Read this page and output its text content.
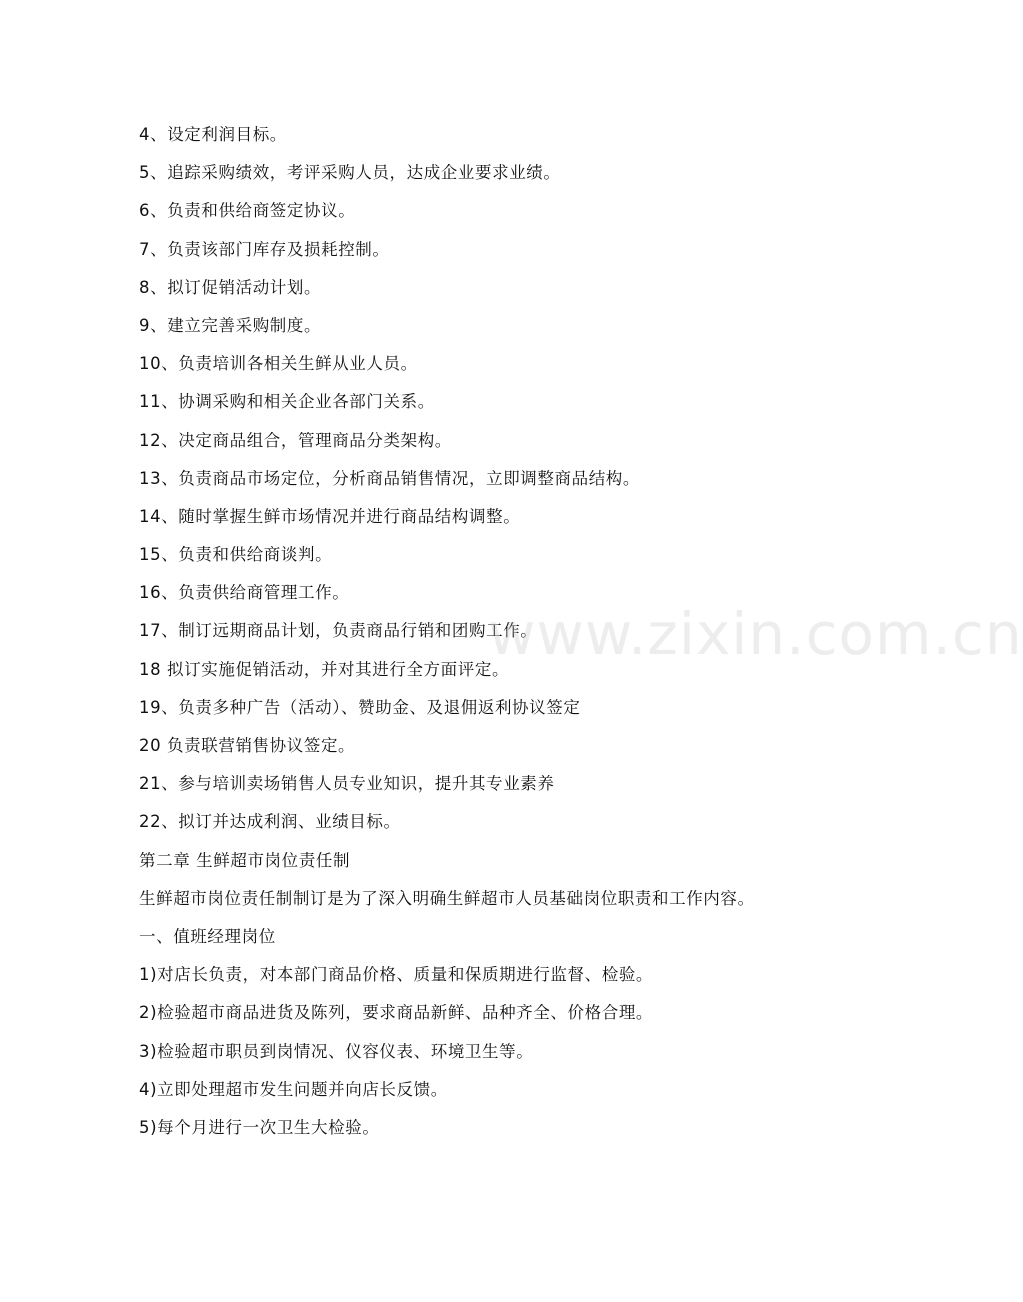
4、设定利润目标。
5、追踪采购绩效，考评采购人员，达成企业要求业绩。
6、负责和供给商签定协议。
7、负责该部门库存及损耗控制。
8、拟订促销活动计划。
9、建立完善采购制度。
10、负责培训各相关生鲜从业人员。
11、协调采购和相关企业各部门关系。
12、决定商品组合，管理商品分类架构。
13、负责商品市场定位，分析商品销售情况，立即调整商品结构。
14、随时掌握生鲜市场情况并进行商品结构调整。
15、负责和供给商谈判。
16、负责供给商管理工作。
17、制订远期商品计划，负责商品行销和团购工作。
18 拟订实施促销活动，并对其进行全方面评定。
19、负责多种广告（活动）、赞助金、及退佣返利协议签定
20 负责联营销售协议签定。
21、参与培训卖场销售人员专业知识，提升其专业素养
22、拟订并达成利润、业绩目标。
第二章 生鲜超市岗位责任制
生鲜超市岗位责任制制订是为了深入明确生鲜超市人员基础岗位职责和工作内容。
一、值班经理岗位
1)对店长负责，对本部门商品价格、质量和保质期进行监督、检验。
2)检验超市商品进货及陈列，要求商品新鲜、品种齐全、价格合理。
3)检验超市职员到岗情况、仪容仪表、环境卫生等。
4)立即处理超市发生问题并向店长反馈。
5)每个月进行一次卫生大检验。
www.zixin.com.cn
